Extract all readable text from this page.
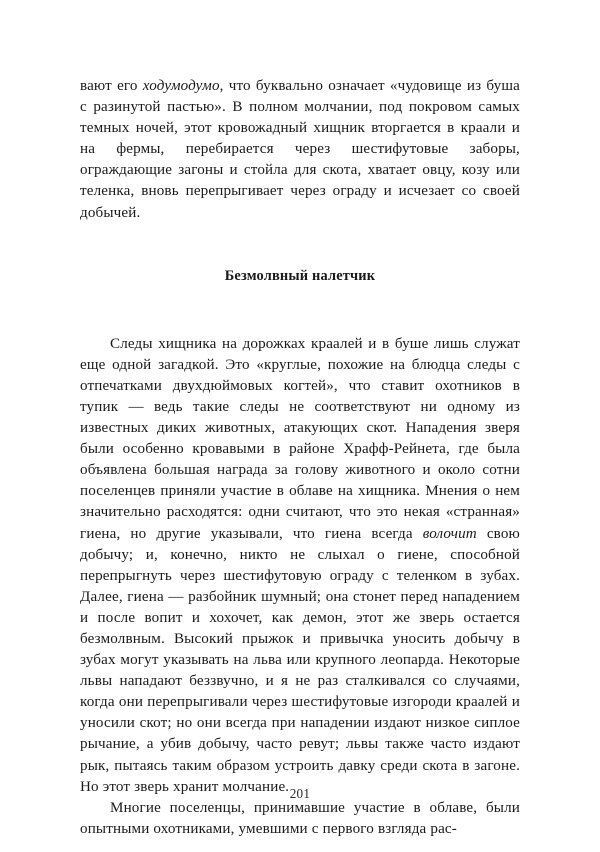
вают его ходумодумо, что буквально означает «чудовище из буша с разинутой пастью». В полном молчании, под покровом самых темных ночей, этот кровожадный хищник вторгается в краали и на фермы, перебирается через шестифутовые заборы, ограждающие загоны и стойла для скота, хватает овцу, козу или теленка, вновь перепрыгивает через ограду и исчезает со своей добычей.

Безмолвный налетчик

Следы хищника на дорожках краалей и в буше лишь служат еще одной загадкой. Это «круглые, похожие на блюдца следы с отпечатками двухдюймовых когтей», что ставит охотников в тупик — ведь такие следы не соответствуют ни одному из известных диких животных, атакующих скот. Нападения зверя были особенно кровавыми в районе Храфф-Рейнета, где была объявлена большая награда за голову животного и около сотни поселенцев приняли участие в облаве на хищника. Мнения о нем значительно расходятся: одни считают, что это некая «странная» гиена, но другие указывали, что гиена всегда волочит свою добычу; и, конечно, никто не слыхал о гиене, способной перепрыгнуть через шестифутовую ограду с теленком в зубах. Далее, гиена — разбойник шумный; она стонет перед нападением и после вопит и хохочет, как демон, этот же зверь остается безмолвным. Высокий прыжок и привычка уносить добычу в зубах могут указывать на льва или крупного леопарда. Некоторые львы нападают беззвучно, и я не раз сталкивался со случаями, когда они перепрыгивали через шестифутовые изгороди краалей и уносили скот; но они всегда при нападении издают низкое сиплое рычание, а убив добычу, часто ревут; львы также часто издают рык, пытаясь таким образом устроить давку среди скота в загоне. Но этот зверь хранит молчание.

Многие поселенцы, принимавшие участие в облаве, были опытными охотниками, умевшими с первого взгляда рас-

201
